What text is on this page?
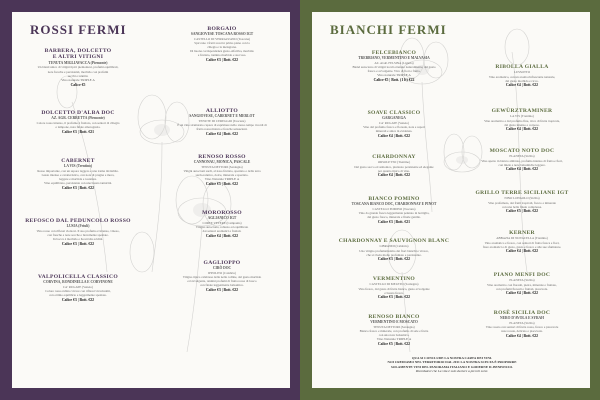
ROSSI FERMI
BARBERA, DOLCETTO
E ALTRI VITIGNI
TENUTA MIGLIAVACCA (Piemonte)
Un blend unico di vitigni tipici piemontesi, profumi equilibrati,
note fresche e persistenti, morbido con profumi
secchi e tannini.
Vino naturale TRIPLE A
Calice €5
DOLCETTO D'ALBA DOC
AZ. AGR. CERRETTA (Piemonte)
Colore rosso intenso, il profumo è fruttato, con sentori di ciliegia
e lampone, nota finale amarognola.
Calice €3 | Bott. €21
CABERNET
LA VIS (Trentino)
Rosso importante, con un sapore leggero e una trama invitabile.
Gusto intenso e caratteristico, con note di prugna e mora,
leggere e morbide e tostatura.
Vino equilibrato, persistente con una buona tannicità.
Calice €3 | Bott. €22
REFOSCO DAL PEDUNCOLO ROSSO
LUSIA (Friuli)
Vino rosso con riflessi violacei. Il suo profumo è intenso, vinoso,
con fresche e note secche e lievemente speziate.
In bocca è morbido e ha un'alta acidità.
Calice €3 | Bott. €22
VALPOLICELLA CLASSICO
CORVINA, RONDINELLA E CORVINONE
CA' RUGATE (Veneto)
Colore rosso rubino vivace con riflessi vivacissimi,
con ottimo equilibrio e leggermente speziato.
Calice €3 | Bott. €22
BORGAIO
SANGIOVESE TOSCANA ROSSO IGT
CASTELLO DI VERRAZZANO (Toscana)
Spiccano i frutti rossi in primo piano con la
ciliegia e la melagrana.
Di buona corrispondenza gusto-olfattiva, morbido
e fruttato, tannino morbido e succoso.
Calice €3 | Bott. €22
ALLIOTTO
SANGIOVESE, CABERNET E MERLOT
TENUTE DI CEREGGIO (Toscana)
È un vino strutturato capace di esprimere nello stesso tempo ricordi di
frutta rossa matura e fresche sensazioni.
Calice €4 | Bott. €22
RENOSO ROSSO
CANNONAU, MONICA, PASCALE
TENUTA DETTORI (Sardegna)
Vitigni autoctoni sardi, al naso fruttato, speziato e della terra
sardo-tannico, dolce, minerale e speziato.
Vino Naturale TRIPLE A
Calice €5 | Bott. €22
MOROROSSO
AGLIANICO IGT
CORTE VETERE (Campania)
Vitigno autoctono, robusto ed equilibrato
dai sentori aromatici e fruttati.
Calice €4 | Bott. €22
GAGLIOPPO
CIRÒ DOC
IPPOLITO (Calabria)
Vitigno tipico calabrese delle nelle colline, dal gusto morbido
ed avvolgente, tannini profumi di frutta rossa di bosco
con finale leggermente balsamico.
Calice €3 | Bott. €22
BIANCHI FERMI
FELCEBIANCO
TREBBIANO, VERMENTINO E MALVASIA
AZ. AGR. FELSINA (Liguria)
Blend autoctono di vitigni locali ottenuto naturalmente, dal gusto
fresco e avvolgente. Vivo di fiori e frutta.
Vino naturale TRIPLE A
Calice €5 | Bott. (1 lt) €22
SOAVE CLASSICO
GARGANEGA
CA' RUGATE (Veneto)
Vino dal profumo fresco e floreale, note e sapori
minerali e anice in evidenza.
Calice €4 | Bott. €22
CHARDONNAY
ORSOLETTO (Trentino)
Dal gusto secco ed armonico, piuttosto persistente ed elegante
per quanto tipico di vino.
Calice €4 | Bott. €22
BIANCO POMINO
TOSCANA BIANCO DOC, CHARDONNAY E PINOT
CASTELLO POMINO (Toscana)
Vino da grande fresca leggermente pennato in bottiglia,
dal gusto fresco, minerale e finale gentile.
Calice €3 | Bott. €21
CHARDONNAY E SAUVIGNON BLANC
LIBRANDI (Calabria)
Uno vitigno profumatissimo dai fiori bianchi e vivace,
che si rivela molto profumato e persistente.
Calice €3 | Bott. €22
VERMENTINO
CASTELLO DI MELETO (Sardegna)
Vino fresco, dal gusto di frutta bianca, gusto avvolgente
e buona fresca.
Calice €3 | Bott. €22
RENOSO BIANCO
VERMENTINO E MOSCATO
TENUTA DETTORI (Sardegna)
Bianco fresco e minerale, con profumo di sale e frutta
con una nota balsamica.
Vino Naturale TRIPLE A
Calice €5 | Bott. €22
RIBOLLA GIALLA
LUSSOTTO
Vino aromatico, con un aroma rinfrescante naturale,
dal gusto morbido e ricco.
Calice €4 | Bott. €22
GEWÜRZTRAMINER
LA VIS (Trentino)
Vino aromatico e dal profumo fine, ricco di frutta tropicale,
dal gusto intenso e corposo.
Calice €4 | Bott. €22
MOSCATO NOTO DOC
PLANETA (Sicilia)
Vino aperto in bianco ambrato, profumo intenso di frutta e fiori,
con miele e note balsamiche leggere.
Calice €4 | Bott. €22
GRILLO TERRE SICILIANE IGT
NINO LONGOLO (Sicilia)
Vino profumato, dai frutti tropicali, fresco e minerale
con una bella finale complessa.
Calice €5 | Bott. €22
KERNER
ABBAZIA DI NOVACELLA (Trentino)
Vino aromatico e fresco, con sentori di frutta fresca e fiori,
fiore aromatici e di gusto, gusto e fresco e alle sue sfumature.
Calice €4 | Bott. €22
PIANO MENFI DOC
PLANETA (Sicilia)
Vino aromatico con floreali, pietra, minerale e fruttato,
con profumi floreali e fruttati, piacevole.
Calice €4 | Bott. €22
ROSÈ SICILIA DOC
NERO D'AVOLA E SYRAH
PLANETA (Sicilia)
Vino rosato con sentori di frutta rossa, fresco e piacevole
note rosate, delicato e piacevole.
Calice €4 | Bott. €22
QUA SI CONCLUDE LA NOSTRA CARTA DEI VINI.
NOI CREDIAMO NEL TERRITORIO DAL 2011 LA NOSTRA SCELTA È PROPORRE
SOLAMENTE VINI DEL PANORAMA ITALIANO E GODERNE IL BENEFICIO.
Ricordatevi che La vita è solo da bere a piccoli sorsi.
